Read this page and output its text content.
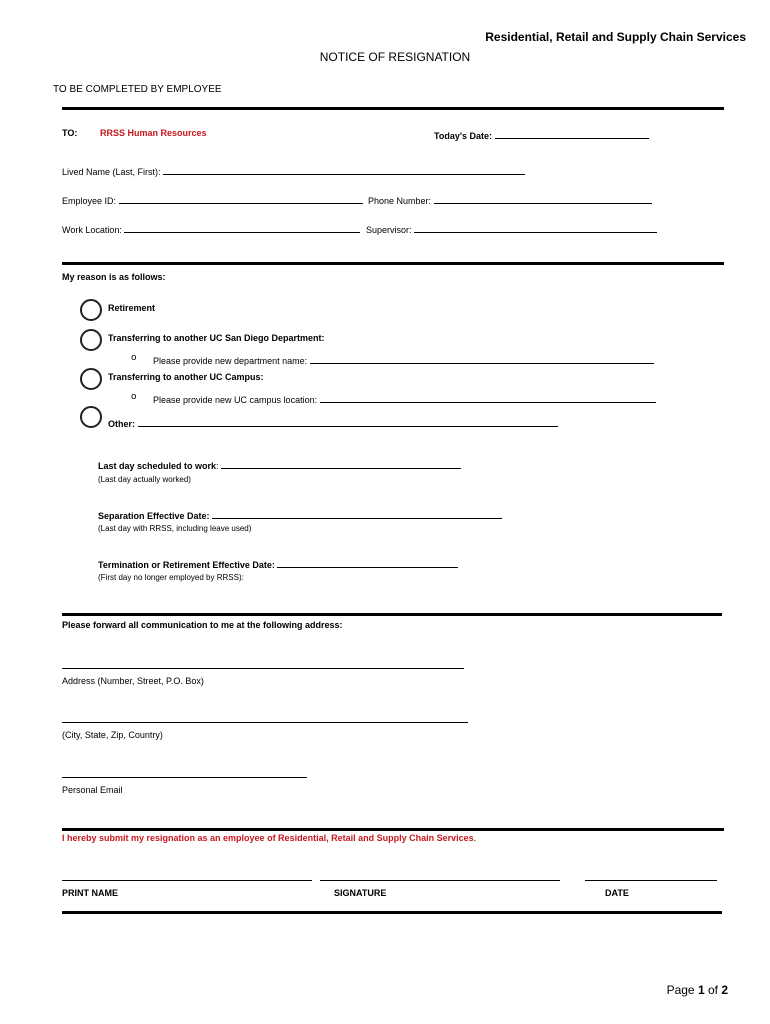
Residential, Retail and Supply Chain Services
NOTICE OF RESIGNATION
TO BE COMPLETED BY EMPLOYEE
TO:	RRSS Human Resources	Today's Date:
Lived Name (Last, First):
Employee ID:	Phone Number:
Work Location:	Supervisor:
My reason is as follows:
Retirement
Transferring to another UC San Diego Department:
o Please provide new department name:
Transferring to another UC Campus:
o Please provide new UC campus location:
Other:
Last day scheduled to work:
(Last day actually worked)
Separation Effective Date:
(Last day with RRSS, including leave used)
Termination or Retirement Effective Date:
(First day no longer employed by RRSS):
Please forward all communication to me at the following address:
Address (Number, Street, P.O. Box)
(City, State, Zip, Country)
Personal Email
I hereby submit my resignation as an employee of Residential, Retail and Supply Chain Services.
PRINT NAME	SIGNATURE	DATE
Page 1 of 2
